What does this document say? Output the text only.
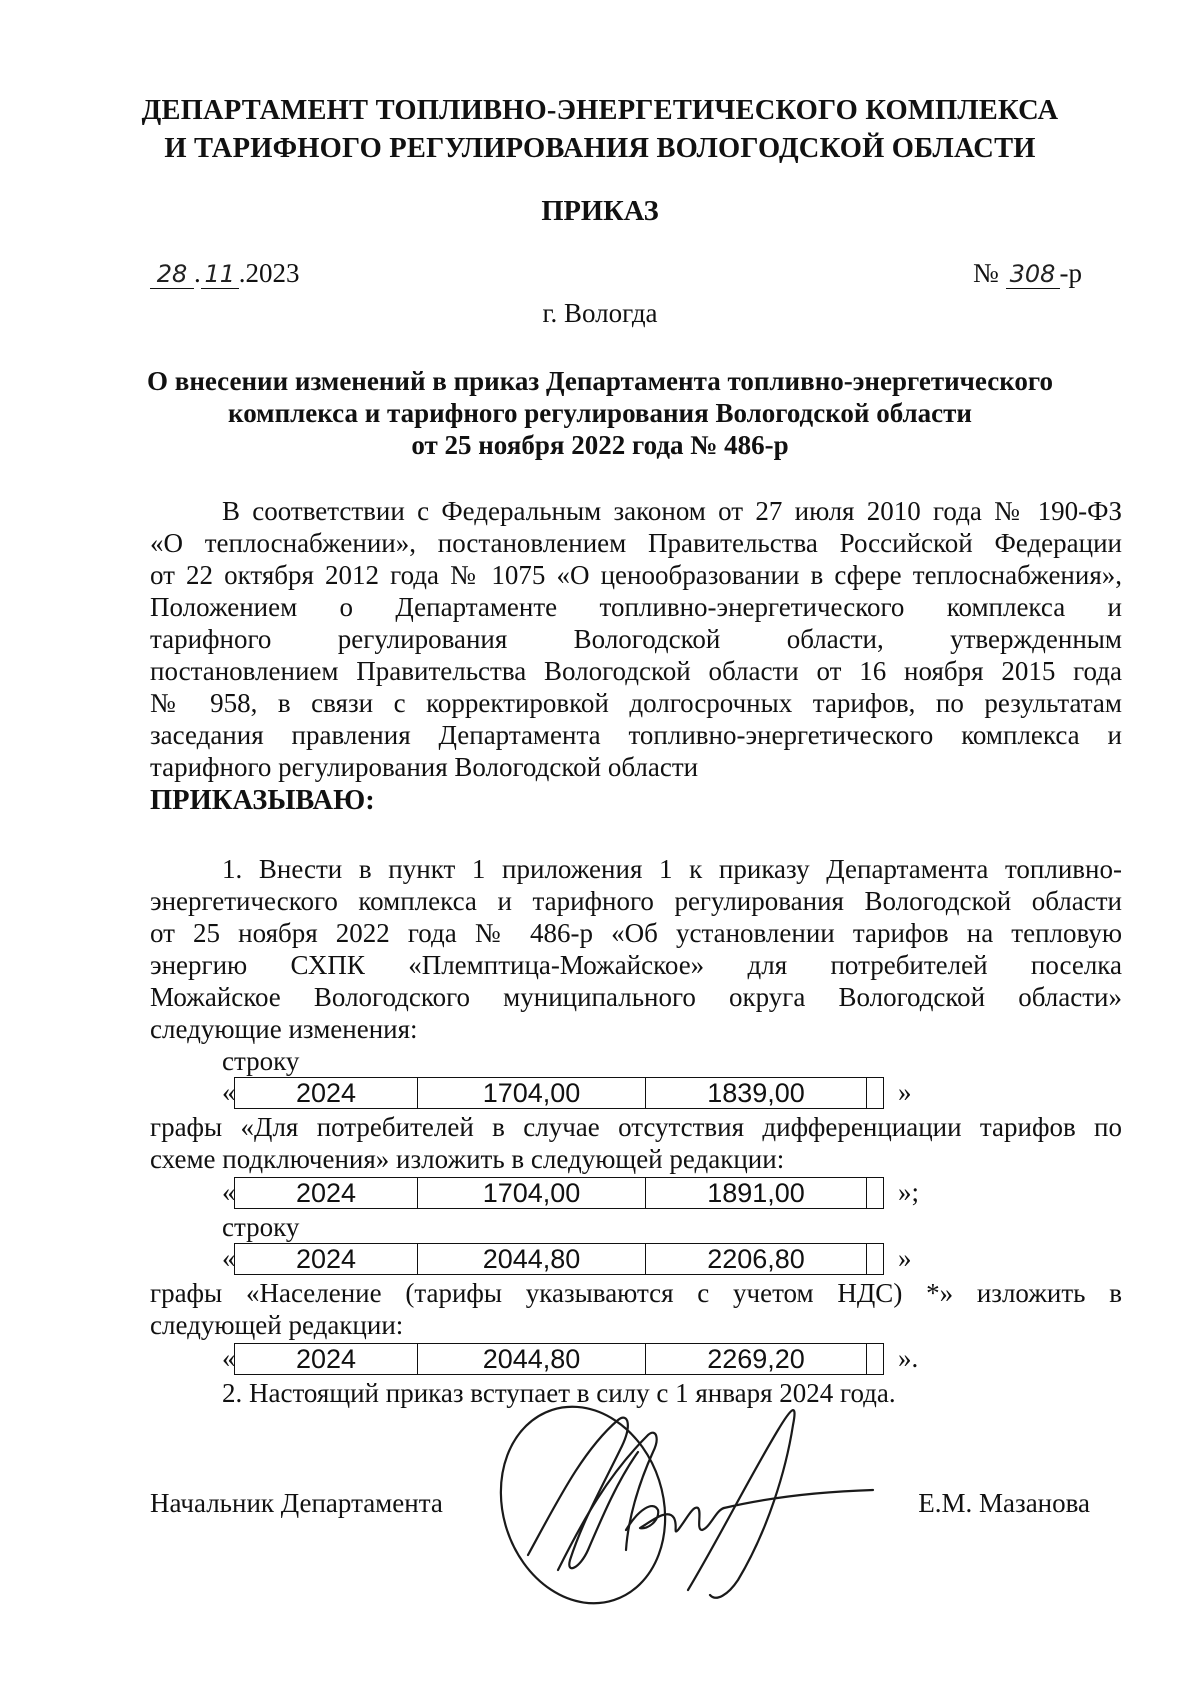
ДЕПАРТАМЕНТ ТОПЛИВНО-ЭНЕРГЕТИЧЕСКОГО КОМПЛЕКСА
И ТАРИФНОГО РЕГУЛИРОВАНИЯ ВОЛОГОДСКОЙ ОБЛАСТИ
ПРИКАЗ
28 . 11 .2023	№ 308 -р
г. Вологда
О внесении изменений в приказ Департамента топливно-энергетического
комплекса и тарифного регулирования Вологодской области
от 25 ноября 2022 года № 486-р
В соответствии с Федеральным законом от 27 июля 2010 года № 190-ФЗ
«О теплоснабжении», постановлением Правительства Российской Федерации
от 22 октября 2012 года № 1075 «О ценообразовании в сфере теплоснабжения»,
Положением о Департаменте топливно-энергетического комплекса и
тарифного регулирования Вологодской области, утвержденным
постановлением Правительства Вологодской области от 16 ноября 2015 года
№ 958, в связи с корректировкой долгосрочных тарифов, по результатам
заседания правления Департамента топливно-энергетического комплекса и
тарифного регулирования Вологодской области
ПРИКАЗЫВАЮ:
1. Внести в пункт 1 приложения 1 к приказу Департамента топливно-
энергетического комплекса и тарифного регулирования Вологодской области
от 25 ноября 2022 года № 486-р «Об установлении тарифов на тепловую
энергию СХПК «Племптица-Можайское» для потребителей поселка
Можайское Вологодского муниципального округа Вологодской области»
следующие изменения:
строку
«	2024	1704,00	1839,00	»
графы «Для потребителей в случае отсутствия дифференциации тарифов по
схеме подключения» изложить в следующей редакции:
«	2024	1704,00	1891,00	»;
строку
«	2024	2044,80	2206,80	»
графы «Население (тарифы указываются с учетом НДС) *» изложить в
следующей редакции:
«	2024	2044,80	2269,20	».
2. Настоящий приказ вступает в силу с 1 января 2024 года.
Начальник Департамента	Е.М. Мазанова
